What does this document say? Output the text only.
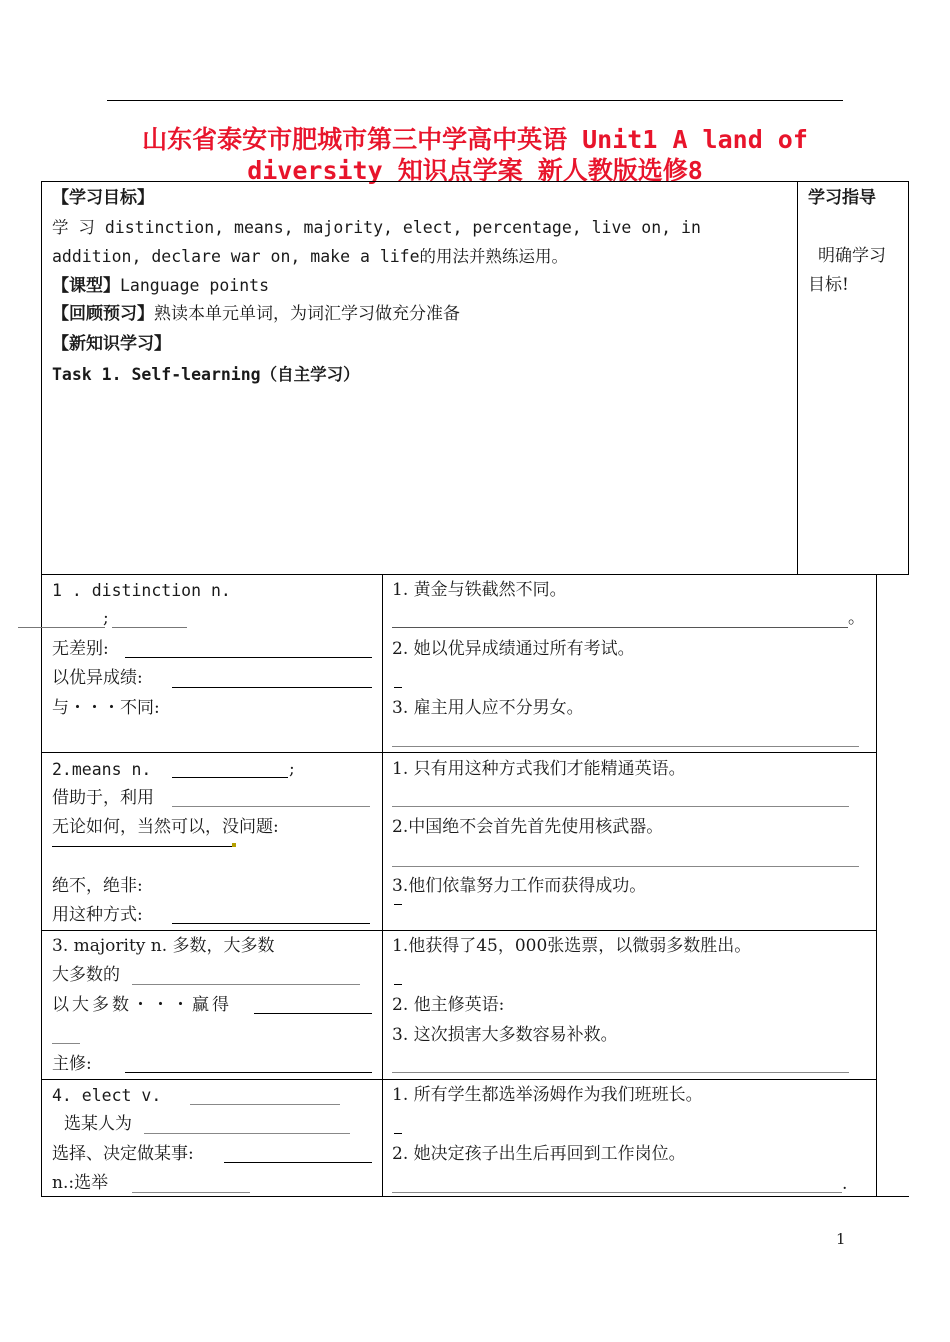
山东省泰安市肥城市第三中学高中英语 Unit1 A land of
diversity 知识点学案 新人教版选修8
【学习目标】
学 习 distinction, means, majority, elect, percentage, live on, in
addition, declare war on, make a life的用法并熟练运用。
【课型】Language points
【回顾预习】熟读本单元单词，为词汇学习做充分准备
【新知识学习】
Task 1. Self-learning（自主学习）
学习指导
明确学习
目标!
1 . distinction n.
;
无差别:
以优异成绩:
与・・・不同:
1. 黄金与铁截然不同。
。
2. 她以优异成绩通过所有考试。
3. 雇主用人应不分男女。
2.means n.	;
借助于，利用
无论如何，当然可以，没问题:
绝不，绝非:
用这种方式:
1. 只有用这种方式我们才能精通英语。
2.中国绝不会首先首先使用核武器。
3.他们依靠努力工作而获得成功。
3. majority n. 多数，大多数
大多数的
以大多数・・・赢得
主修:
1.他获得了45，000张选票，以微弱多数胜出。
2. 他主修英语:
3. 这次损害大多数容易补救。
4. elect v.
选某人为
选择、决定做某事:
n.:选举
1. 所有学生都选举汤姆作为我们班班长。
2. 她决定孩子出生后再回到工作岗位。
.
1
